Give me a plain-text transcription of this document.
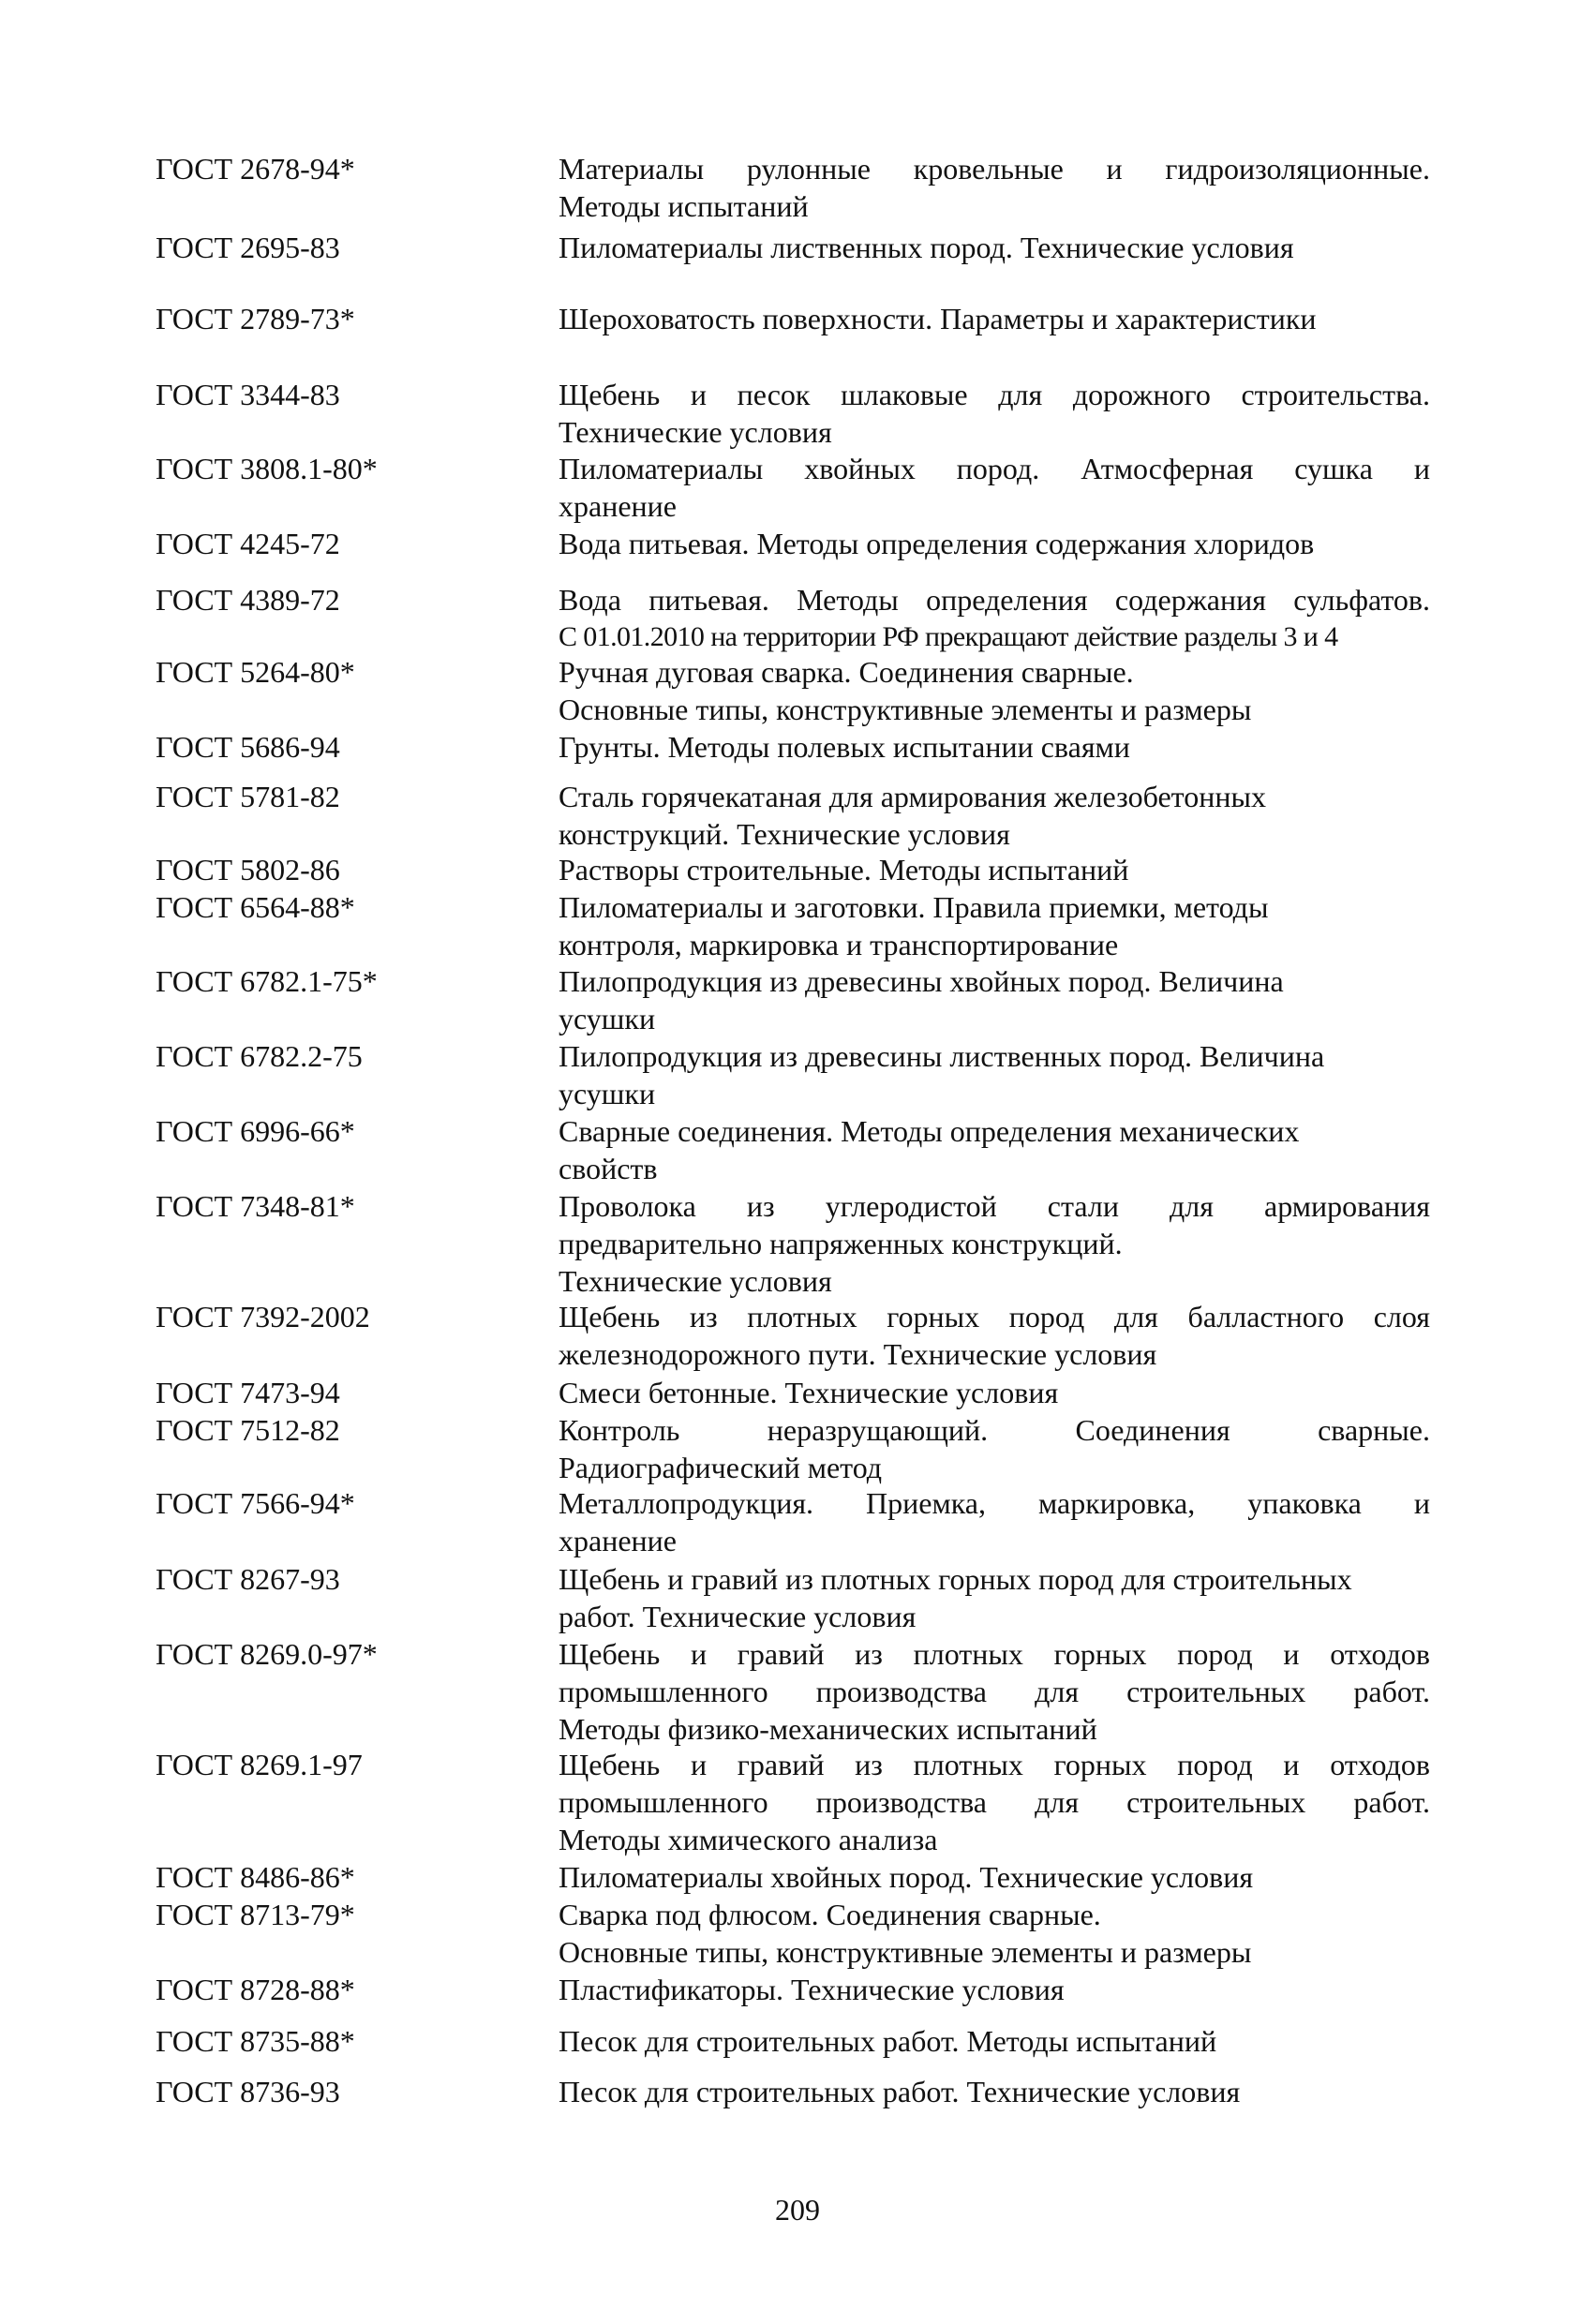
ГОСТ 2678-94*	Материалы рулонные кровельные и гидроизоляционные.
Методы испытаний
ГОСТ 2695-83	Пиломатериалы лиственных пород. Технические условия
ГОСТ 2789-73*	Шероховатость поверхности. Параметры и характеристики
ГОСТ 3344-83	Щебень и песок шлаковые для дорожного строительства.
Технические условия
ГОСТ 3808.1-80*	Пиломатериалы хвойных пород. Атмосферная сушка и
хранение
ГОСТ 4245-72	Вода питьевая. Методы определения содержания хлоридов
ГОСТ 4389-72	Вода питьевая. Методы определения содержания сульфатов.
С 01.01.2010 на территории РФ прекращают действие разделы 3 и 4
ГОСТ 5264-80*	Ручная дуговая сварка. Соединения сварные.
Основные типы, конструктивные элементы и размеры
ГОСТ 5686-94	Грунты. Методы полевых испытании сваями
ГОСТ 5781-82	Сталь горячекатаная для армирования железобетонных
конструкций. Технические условия
ГОСТ 5802-86	Растворы строительные. Методы испытаний
ГОСТ 6564-88*	Пиломатериалы и заготовки. Правила приемки, методы
контроля, маркировка и транспортирование
ГОСТ 6782.1-75*	Пилопродукция из древесины хвойных пород. Величина
усушки
ГОСТ 6782.2-75	Пилопродукция из древесины лиственных пород. Величина
усушки
ГОСТ 6996-66*	Сварные соединения. Методы определения механических
свойств
ГОСТ 7348-81*	Проволока из углеродистой стали для армирования
предварительно напряженных конструкций.
Технические условия
ГОСТ 7392-2002	Щебень из плотных горных пород для балластного слоя
железнодорожного пути. Технические условия
ГОСТ 7473-94	Смеси бетонные. Технические условия
ГОСТ 7512-82	Контроль неразрущающий. Соединения сварные.
Радиографический метод
ГОСТ 7566-94*	Металлопродукция. Приемка, маркировка, упаковка и
хранение
ГОСТ 8267-93	Щебень и гравий из плотных горных пород для строительных
работ. Технические условия
ГОСТ 8269.0-97*	Щебень и гравий из плотных горных пород и отходов
промышленного производства для строительных работ.
Методы физико-механических испытаний
ГОСТ 8269.1-97	Щебень и гравий из плотных горных пород и отходов
промышленного производства для строительных работ.
Методы химического анализа
ГОСТ 8486-86*	Пиломатериалы хвойных пород. Технические условия
ГОСТ 8713-79*	Сварка под флюсом. Соединения сварные.
Основные типы, конструктивные элементы и размеры
ГОСТ 8728-88*	Пластификаторы. Технические условия
ГОСТ 8735-88*	Песок для строительных работ. Методы испытаний
ГОСТ 8736-93	Песок для строительных работ. Технические условия
209
